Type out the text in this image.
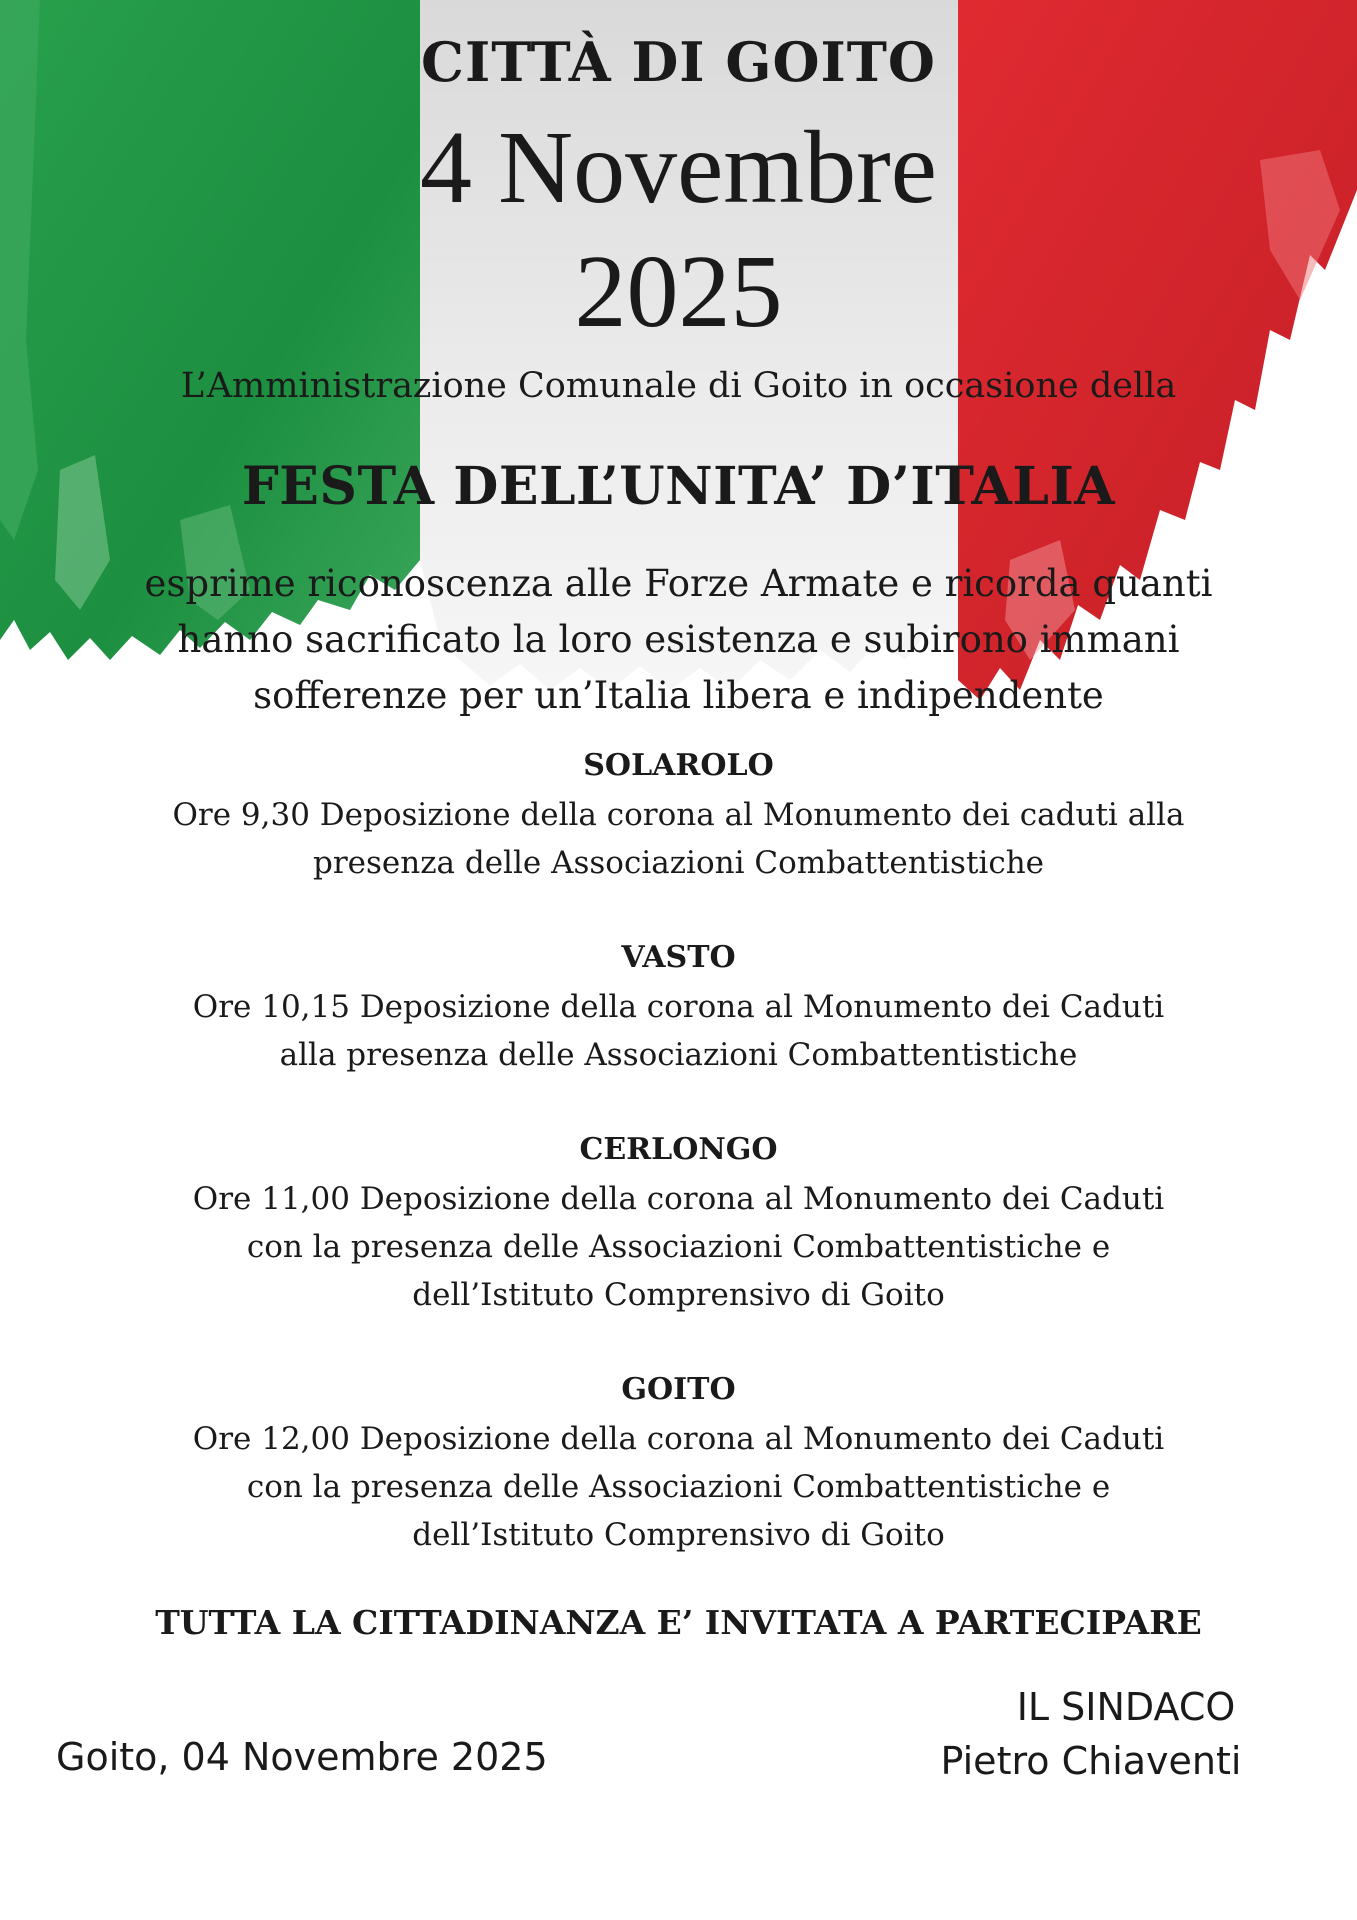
CITTÀ DI GOITO
4 Novembre
2025
L’Amministrazione Comunale di Goito in occasione della
FESTA DELL’UNITA’ D’ITALIA
esprime riconoscenza alle Forze Armate e ricorda quanti
hanno sacrificato la loro esistenza e subirono immani
sofferenze per un’Italia libera e indipendente
SOLAROLO
Ore 9,30 Deposizione della corona al Monumento dei caduti alla
presenza delle Associazioni Combattentistiche
VASTO
Ore 10,15 Deposizione della corona al Monumento dei Caduti
alla presenza delle Associazioni Combattentistiche
CERLONGO
Ore 11,00 Deposizione della corona al Monumento dei Caduti
con la presenza delle Associazioni Combattentistiche e
dell’Istituto Comprensivo di Goito
GOITO
Ore 12,00 Deposizione della corona al Monumento dei Caduti
con la presenza delle Associazioni Combattentistiche e
dell’Istituto Comprensivo di Goito
TUTTA LA CITTADINANZA E’ INVITATA A PARTECIPARE
Goito, 04 Novembre 2025
IL SINDACO
Pietro Chiaventi
